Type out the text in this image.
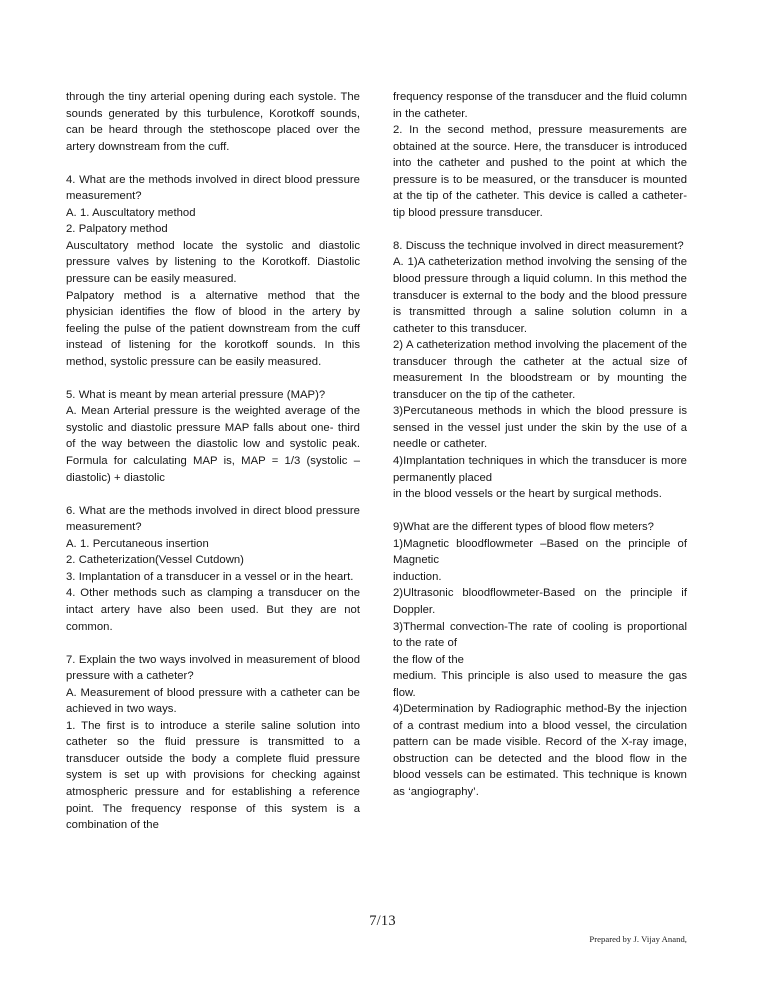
through the tiny arterial opening during each systole. The sounds generated by this turbulence, Korotkoff sounds, can be heard through the stethoscope placed over the artery downstream from the cuff.

4. What are the methods involved in direct blood pressure measurement?

A. 1. Auscultatory method

2. Palpatory method

Auscultatory method locate the systolic and diastolic pressure valves by listening to the Korotkoff. Diastolic pressure can be easily measured.

Palpatory method is a alternative method that the physician identifies the flow of blood in the artery by feeling the pulse of the patient downstream from the cuff instead of listening for the korotkoff sounds. In this method, systolic pressure can be easily measured.

5. What is meant by mean arterial pressure (MAP)?

A. Mean Arterial pressure is the weighted average of the systolic and diastolic pressure MAP falls about one- third of the way between the diastolic low and systolic peak. Formula for calculating MAP is, MAP = 1/3 (systolic –diastolic) + diastolic

6. What are the methods involved in direct blood pressure measurement?

A. 1. Percutaneous insertion

2. Catheterization(Vessel Cutdown)

3. Implantation of a transducer in a vessel or in the heart.

4. Other methods such as clamping a transducer on the intact artery have also been used. But they are not common.

7. Explain the two ways involved in measurement of blood pressure with a catheter?

A. Measurement of blood pressure with a catheter can be achieved in two ways.

1. The first is to introduce a sterile saline solution into catheter so the fluid pressure is transmitted to a transducer outside the body a complete fluid pressure system is set up with provisions for checking against atmospheric pressure and for establishing a reference point. The frequency response of this system is a combination of the

frequency response of the transducer and the fluid column in the catheter.

2. In the second method, pressure measurements are obtained at the source. Here, the transducer is introduced into the catheter and pushed to the point at which the pressure is to be measured, or the transducer is mounted at the tip of the catheter. This device is called a catheter-tip blood pressure transducer.

8. Discuss the technique involved in direct measurement?

A. 1)A catheterization method involving the sensing of the blood pressure through a liquid column. In this method the transducer is external to the body and the blood pressure is transmitted through a saline solution column in a catheter to this transducer.

2) A catheterization method involving the placement of the transducer through the catheter at the actual size of measurement In the bloodstream or by mounting the transducer on the tip of the catheter.

3)Percutaneous methods in which the blood pressure is sensed in the vessel just under the skin by the use of a needle or catheter.

4)Implantation techniques in which the transducer is more permanently placed

in the blood vessels or the heart by surgical methods.

9)What are the different types of blood flow meters?

1)Magnetic bloodflowmeter –Based on the principle of Magnetic

induction.

2)Ultrasonic bloodflowmeter-Based on the principle if Doppler.

3)Thermal convection-The rate of cooling is proportional to the rate of

the flow of the

medium. This principle is also used to measure the gas flow.

4)Determination by Radiographic method-By the injection of a contrast medium into a blood vessel, the circulation pattern can be made visible. Record of the X-ray image, obstruction can be detected and the blood flow in the blood vessels can be estimated. This technique is known as ‘angiography’.

7/13
Prepared by J. Vijay Anand,
